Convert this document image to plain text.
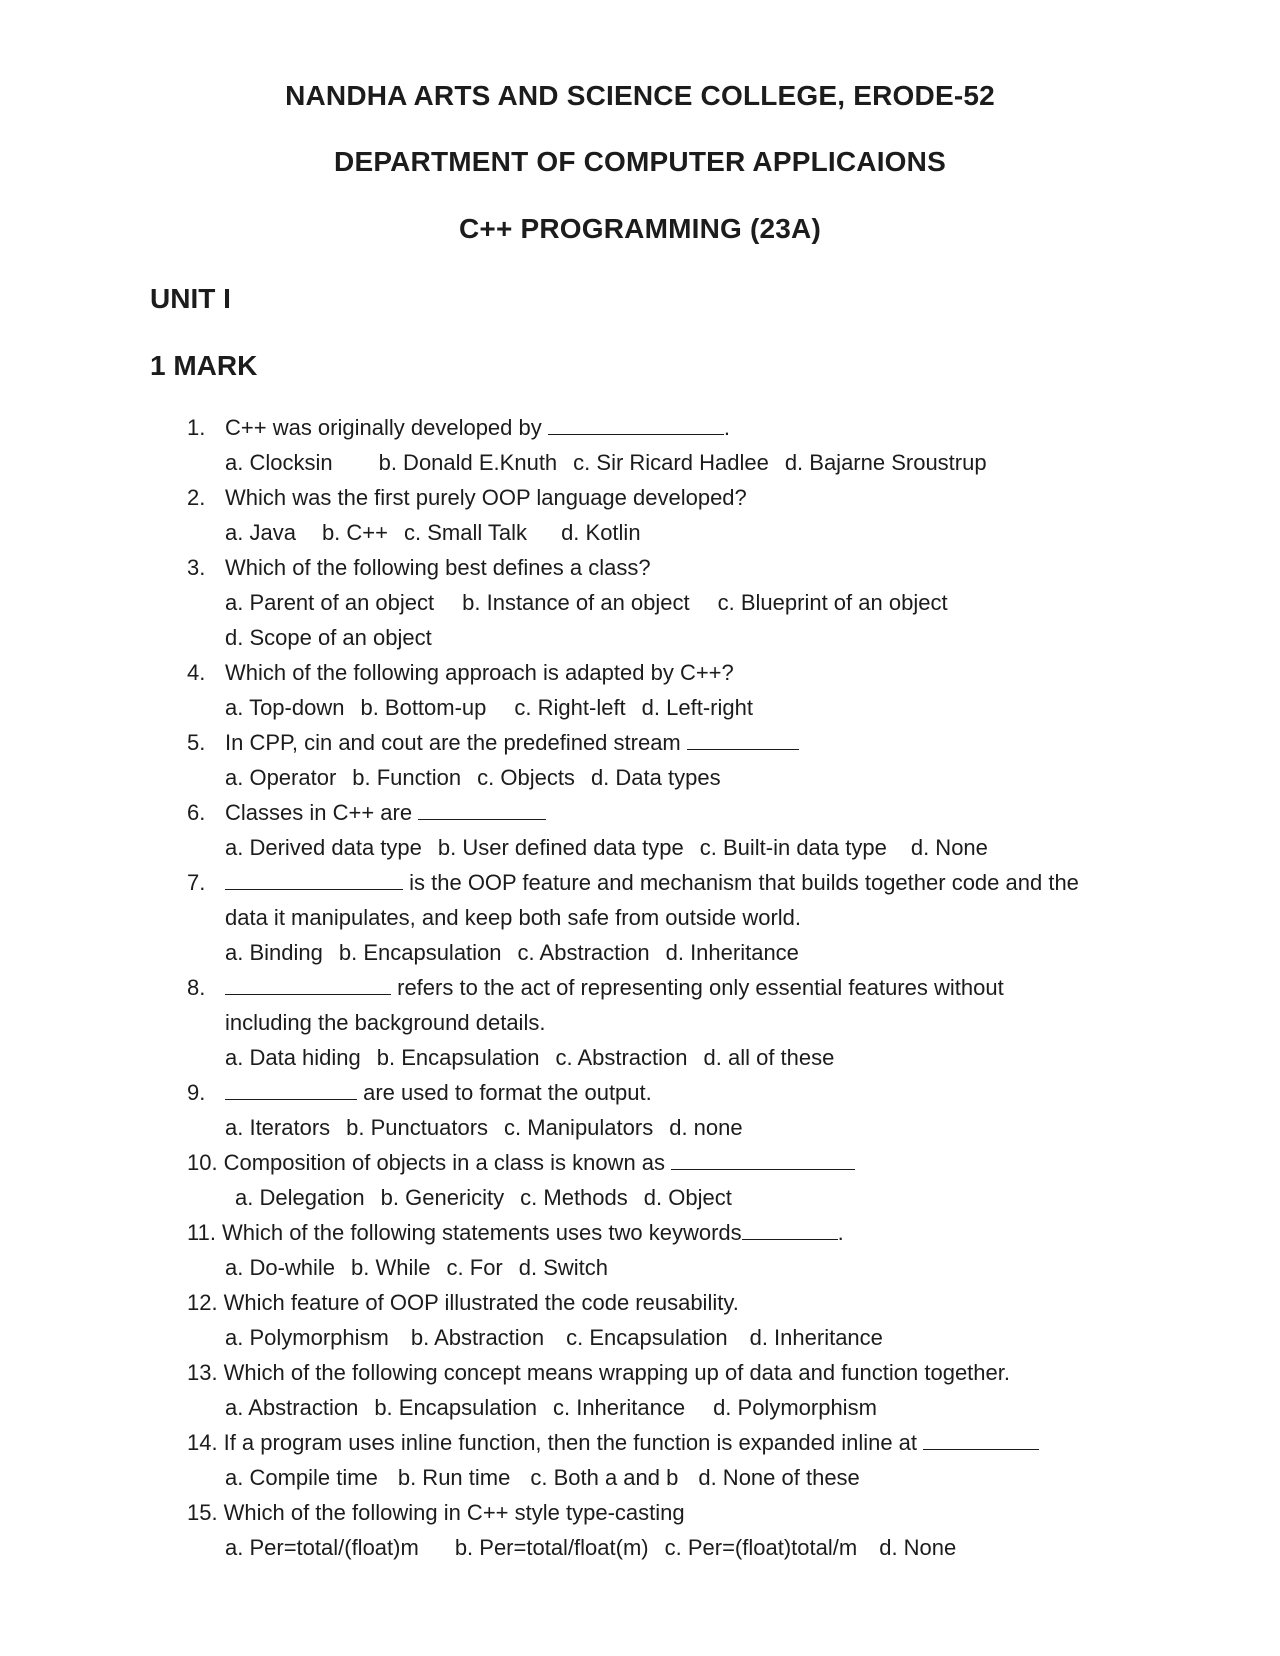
NANDHA ARTS AND SCIENCE COLLEGE, ERODE-52
DEPARTMENT OF COMPUTER APPLICAIONS
C++ PROGRAMMING (23A)
UNIT I
1 MARK
1. C++ was originally developed by	.
a. Clocksin b. Donald E.Knuth c. Sir Ricard Hadlee d. Bajarne Sroustrup
2. Which was the first purely OOP language developed?
a. Java b. C++ c. Small Talk d. Kotlin
3. Which of the following best defines a class?
a. Parent of an object b. Instance of an object c. Blueprint of an object
d. Scope of an object
4. Which of the following approach is adapted by C++?
a. Top-down b. Bottom-up c. Right-left d. Left-right
5. In CPP, cin and cout are the predefined stream
a. Operator b. Function c. Objects d. Data types
6. Classes in C++ are
a. Derived data type b. User defined data type c. Built-in data type d. None
7.	is the OOP feature and mechanism that builds together code and the
data it manipulates, and keep both safe from outside world.
a. Binding b. Encapsulation c. Abstraction d. Inheritance
8.	refers to the act of representing only essential features without
including the background details.
a. Data hiding b. Encapsulation c. Abstraction d. all of these
9.	are used to format the output.
a. Iterators b. Punctuators c. Manipulators d. none
10. Composition of objects in a class is known as
a. Delegation b. Genericity c. Methods d. Object
11. Which of the following statements uses two keywords	.
a. Do-while b. While c. For d. Switch
12. Which feature of OOP illustrated the code reusability.
a. Polymorphism b. Abstraction c. Encapsulation d. Inheritance
13. Which of the following concept means wrapping up of data and function together.
a. Abstraction b. Encapsulation c. Inheritance d. Polymorphism
14. If a program uses inline function, then the function is expanded inline at
a. Compile time b. Run time c. Both a and b d. None of these
15. Which of the following in C++ style type-casting
a. Per=total/(float)m b. Per=total/float(m) c. Per=(float)total/m d. None
